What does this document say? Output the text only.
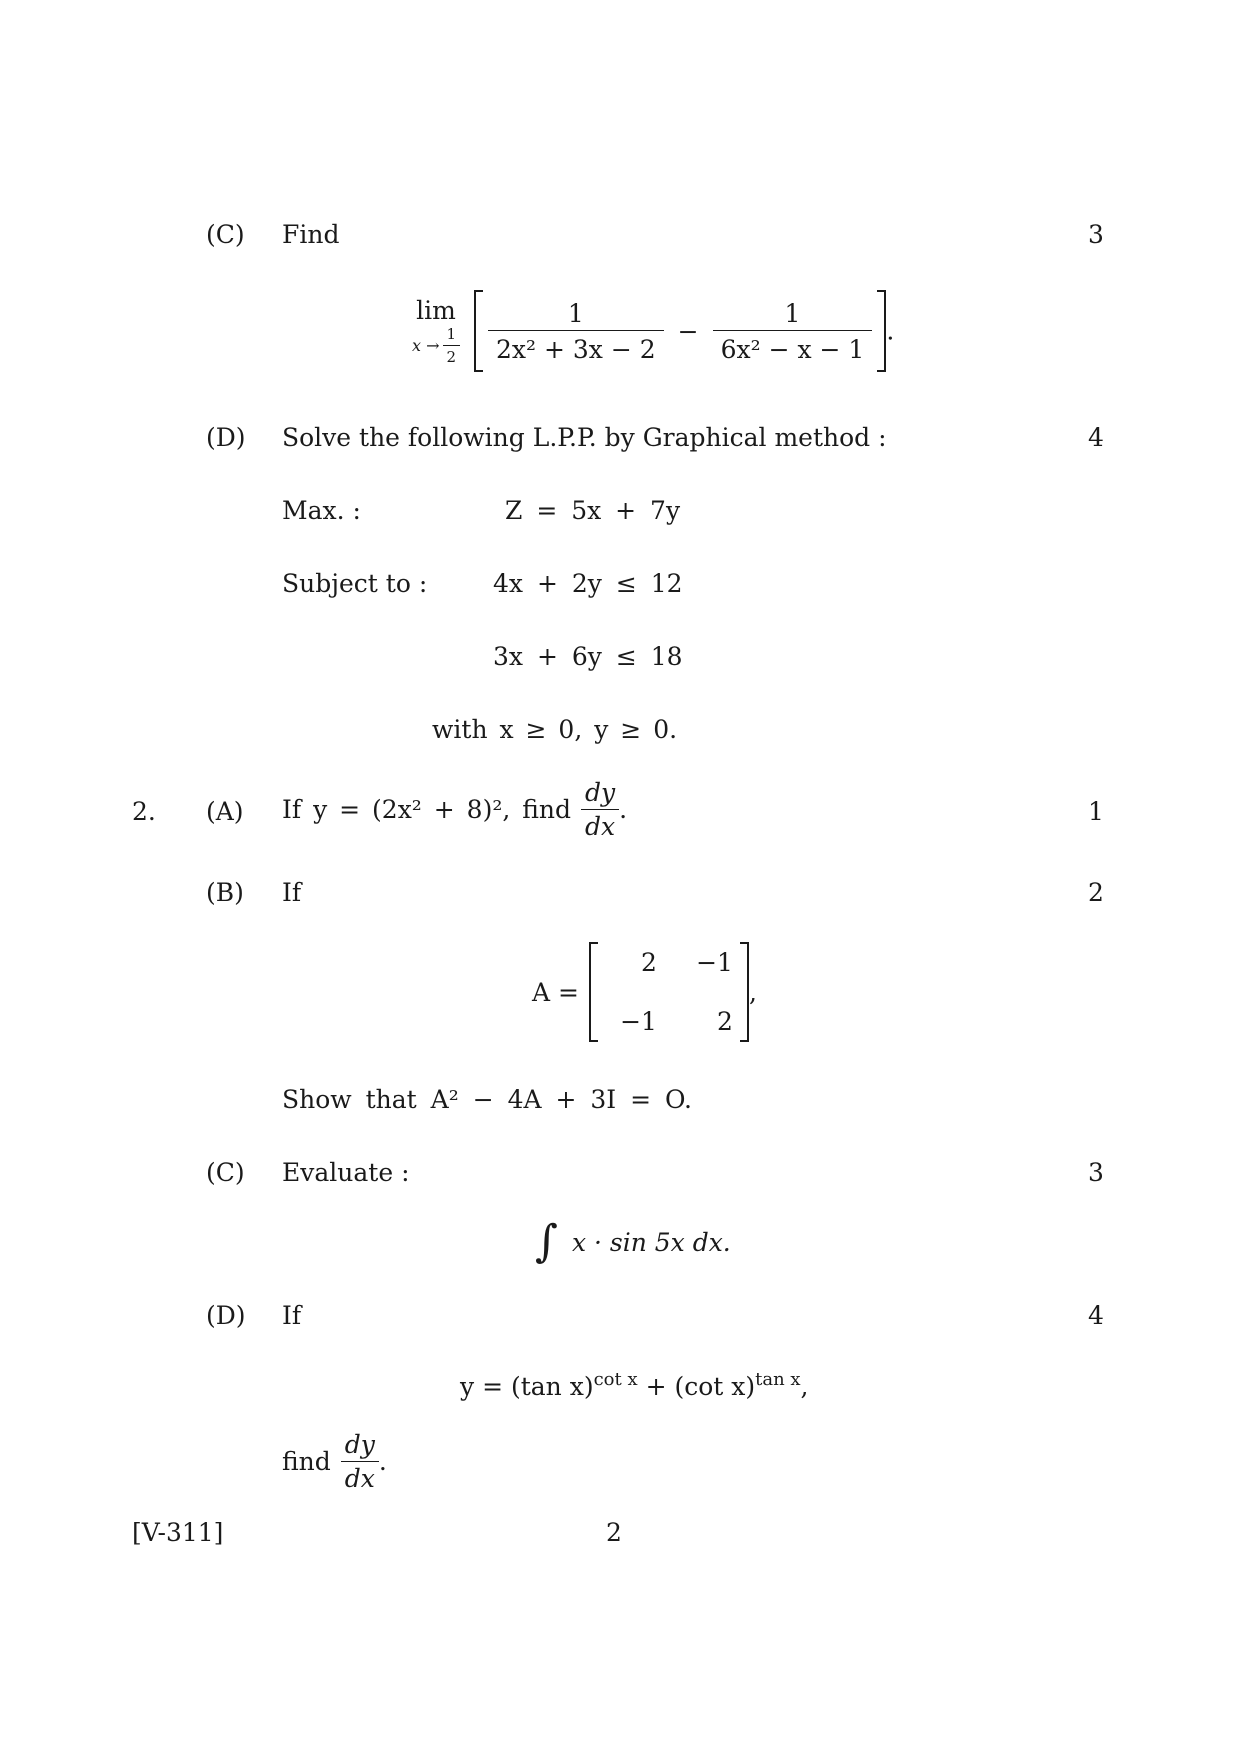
(C) Find	3
lim
$x \to \frac{1}{2}$
$\frac{1}{\text{2x² + 3x − 2}} - \frac{1}{\text{6x² − x − 1}}$ .
(D) Solve the following L.P.P. by Graphical method :	4
Max. :	Z = 5x + 7y
Subject to :	4x + 2y ≤ 12
3x + 6y ≤ 18
with x ≥ 0, y ≥ 0.
2. (A) If y = (2x² + 8)², find $\frac{dy}{dx}$ .	1
(B) If	2
A =
2	−1
−1	2
,
Show that A² − 4A + 3I = O.
(C) Evaluate :	3
∫ x · sin 5x dx.
(D) If	4
y = (tan x)$^{cot x}$ + (cot x)$^{tan x}$,
find $\frac{dy}{dx}$ .
[V-311]	2
